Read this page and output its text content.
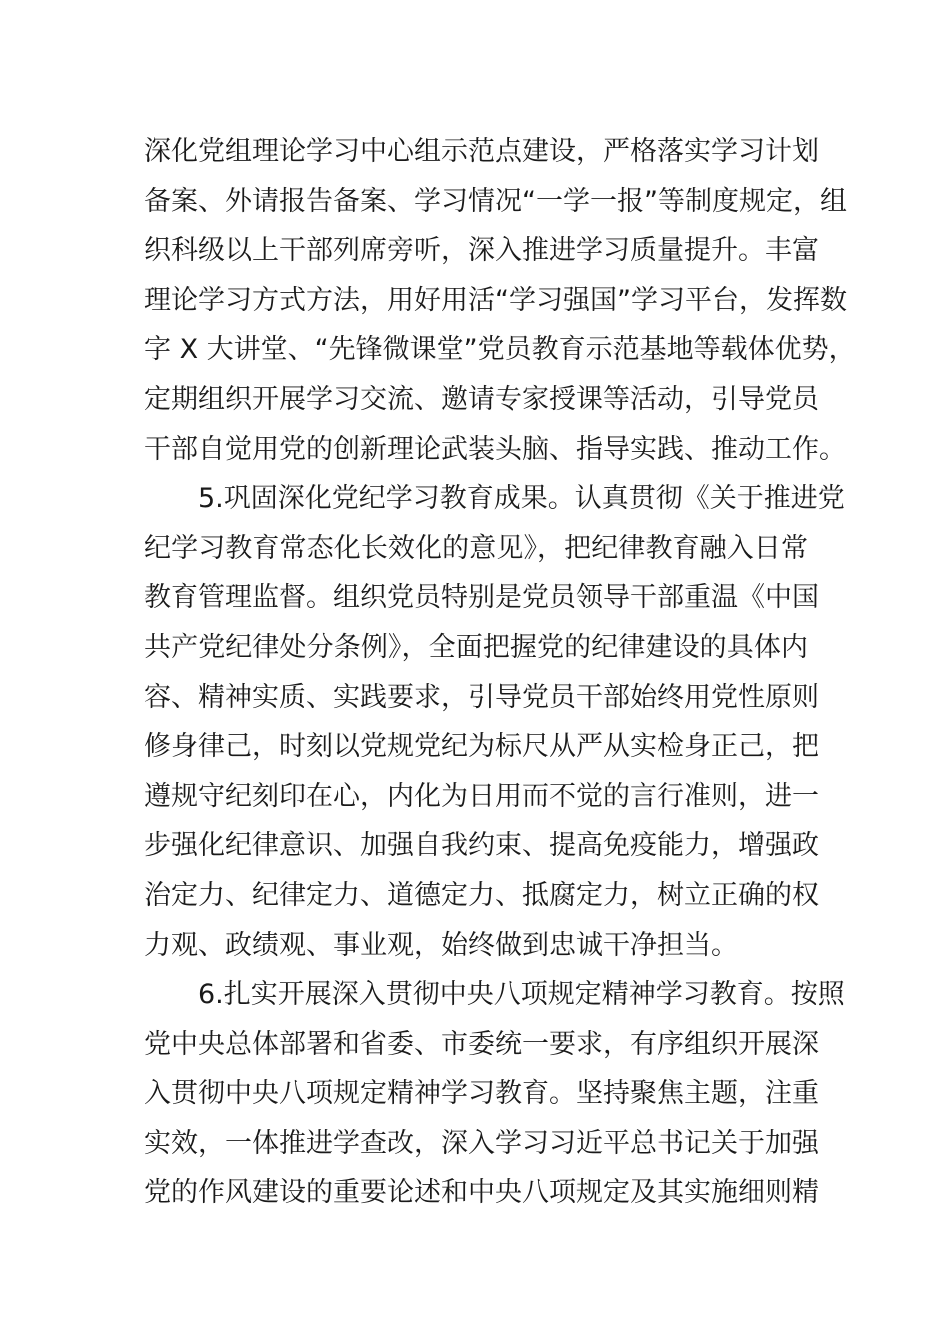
深化党组理论学习中心组示范点建设，严格落实学习计划
备案、外请报告备案、学习情况“一学一报”等制度规定，组
织科级以上干部列席旁听，深入推进学习质量提升。丰富
理论学习方式方法，用好用活“学习强国”学习平台，发挥数
字 X 大讲堂、“先锋微课堂”党员教育示范基地等载体优势，
定期组织开展学习交流、邀请专家授课等活动，引导党员
干部自觉用党的创新理论武装头脑、指导实践、推动工作。
5.巩固深化党纪学习教育成果。认真贯彻《关于推进党
纪学习教育常态化长效化的意见》，把纪律教育融入日常
教育管理监督。组织党员特别是党员领导干部重温《中国
共产党纪律处分条例》，全面把握党的纪律建设的具体内
容、精神实质、实践要求，引导党员干部始终用党性原则
修身律己，时刻以党规党纪为标尺从严从实检身正己，把
遵规守纪刻印在心，内化为日用而不觉的言行准则，进一
步强化纪律意识、加强自我约束、提高免疫能力，增强政
治定力、纪律定力、道德定力、抵腐定力，树立正确的权
力观、政绩观、事业观，始终做到忠诚干净担当。
6.扎实开展深入贯彻中央八项规定精神学习教育。按照
党中央总体部署和省委、市委统一要求，有序组织开展深
入贯彻中央八项规定精神学习教育。坚持聚焦主题，注重
实效，一体推进学查改，深入学习习近平总书记关于加强
党的作风建设的重要论述和中央八项规定及其实施细则精
